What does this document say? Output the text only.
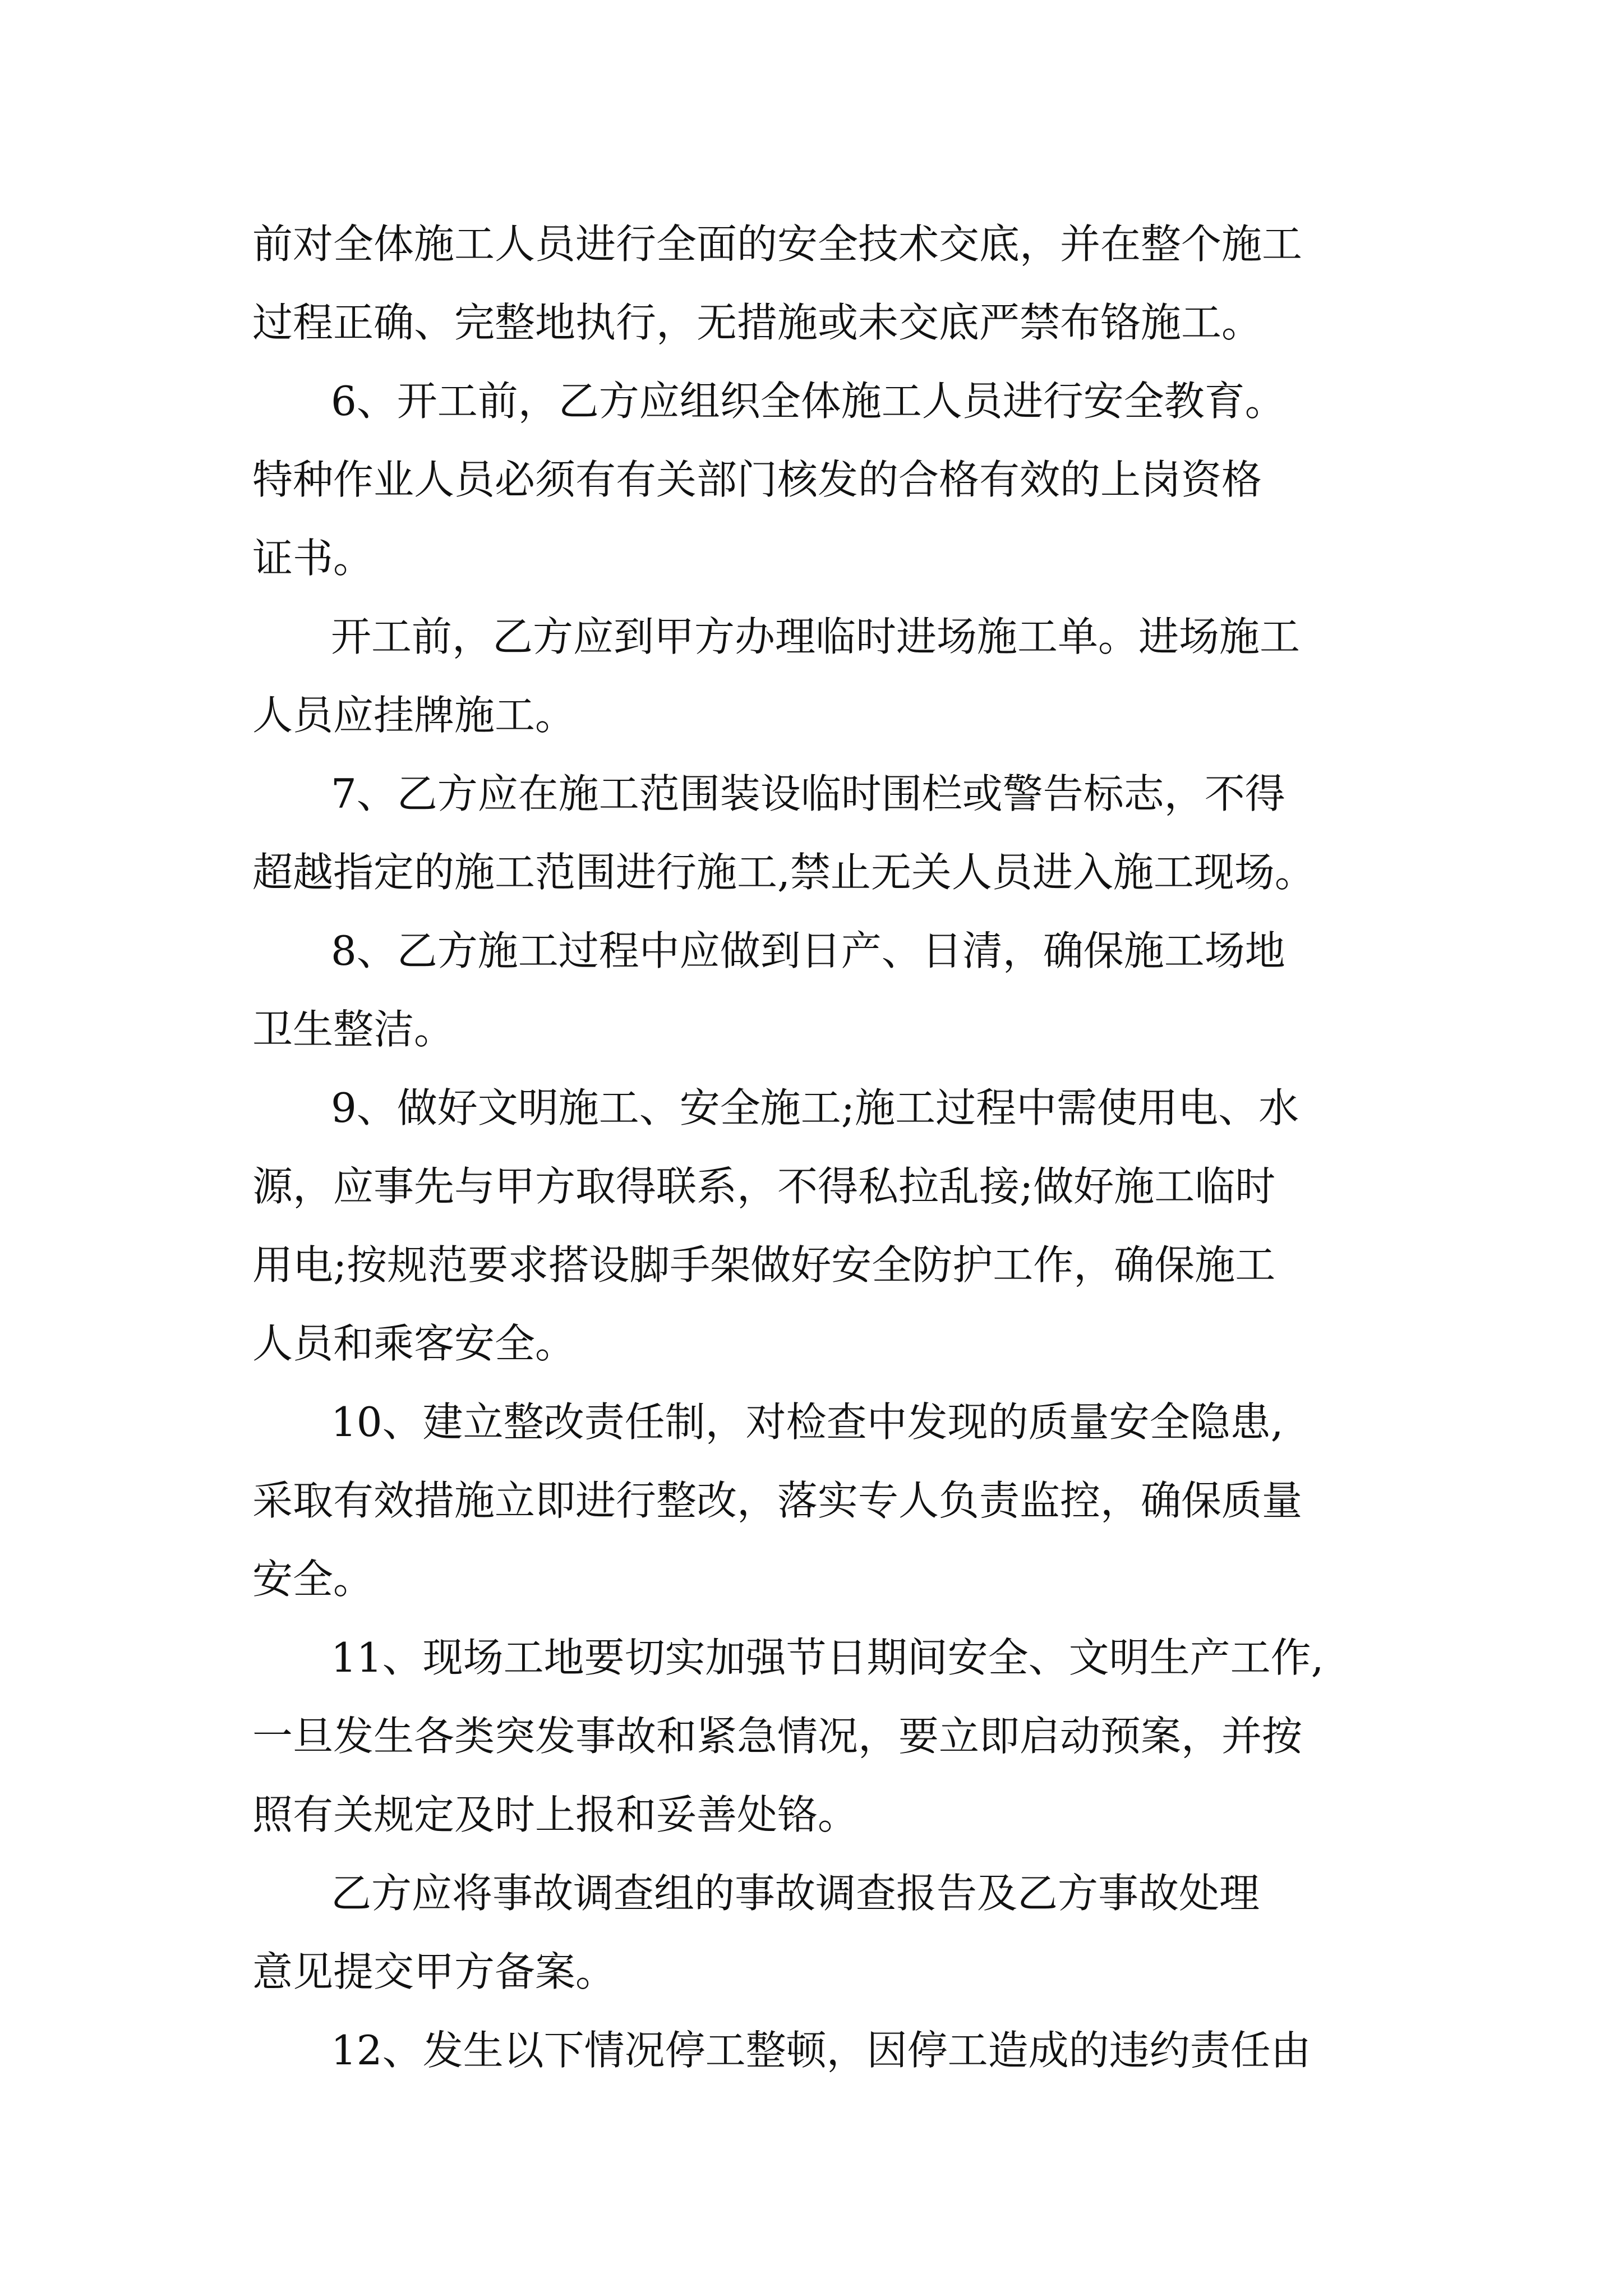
前对全体施工人员进行全面的安全技术交底，并在整个施工
过程正确、完整地执行，无措施或未交底严禁布铬施工。
6、开工前，乙方应组织全体施工人员进行安全教育。
特种作业人员必须有有关部门核发的合格有效的上岗资格
证书。
开工前，乙方应到甲方办理临时进场施工单。进场施工
人员应挂牌施工。
7、乙方应在施工范围装设临时围栏或警告标志，不得
超越指定的施工范围进行施工,禁止无关人员进入施工现场。
8、乙方施工过程中应做到日产、日清，确保施工场地
卫生整洁。
9、做好文明施工、安全施工;施工过程中需使用电、水
源，应事先与甲方取得联系，不得私拉乱接;做好施工临时
用电;按规范要求搭设脚手架做好安全防护工作，确保施工
人员和乘客安全。
10、建立整改责任制，对检查中发现的质量安全隐患,
采取有效措施立即进行整改，落实专人负责监控，确保质量
安全。
11、现场工地要切实加强节日期间安全、文明生产工作,
一旦发生各类突发事故和紧急情况，要立即启动预案，并按
照有关规定及时上报和妥善处铬。
乙方应将事故调查组的事故调查报告及乙方事故处理
意见提交甲方备案。
12、发生以下情况停工整顿，因停工造成的违约责任由
